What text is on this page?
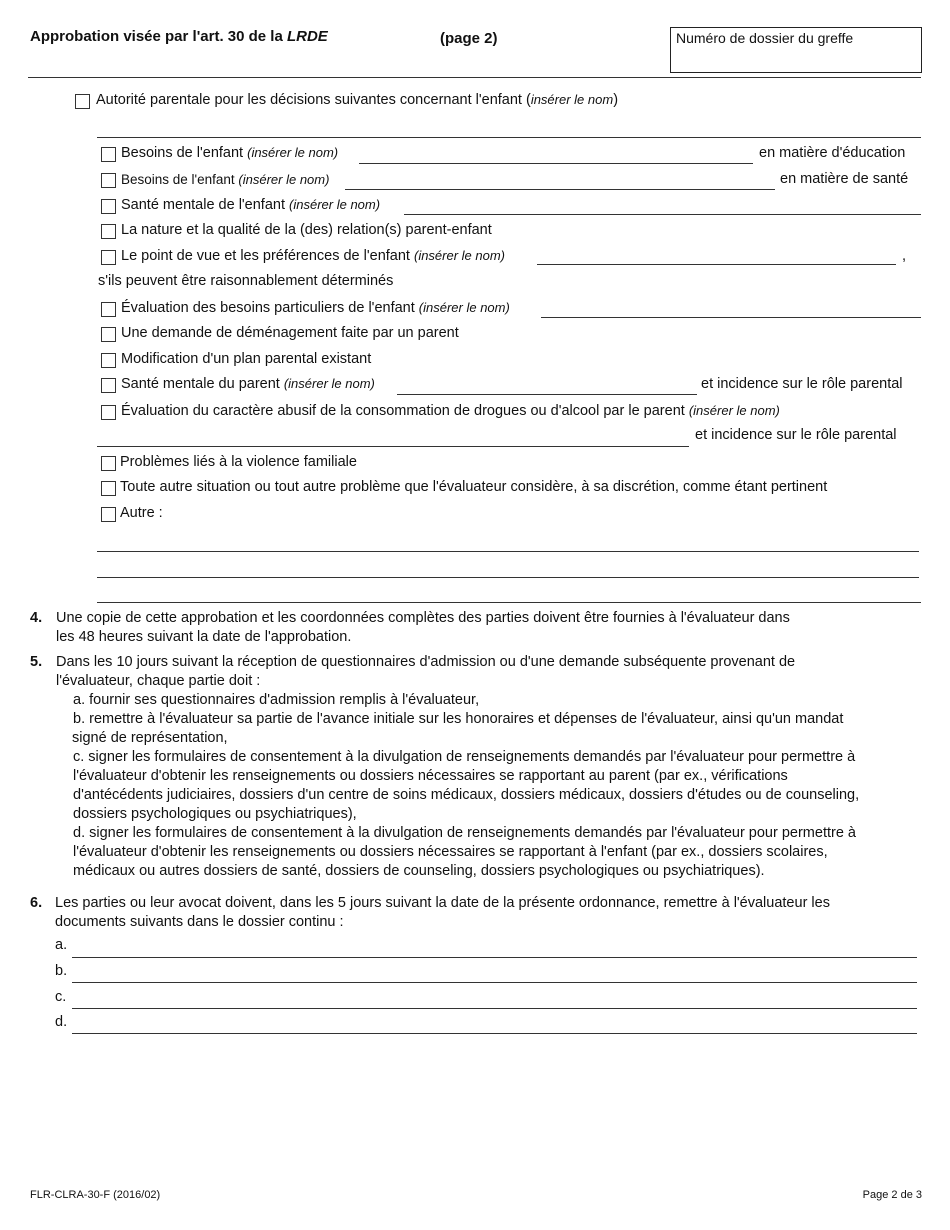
Approbation visée par l'art. 30 de la LRDE	(page 2)	Numéro de dossier du greffe
Autorité parentale pour les décisions suivantes concernant l'enfant (insérer le nom)
Besoins de l'enfant (insérer le nom)	en matière d'éducation
Besoins de l'enfant (insérer le nom)	en matière de santé
Santé mentale de l'enfant (insérer le nom)
La nature et la qualité de la (des) relation(s) parent-enfant
Le point de vue et les préférences de l'enfant (insérer le nom)	,
s'ils peuvent être raisonnablement déterminés
Évaluation des besoins particuliers de l'enfant (insérer le nom)
Une demande de déménagement faite par un parent
Modification d'un plan parental existant
Santé mentale du parent (insérer le nom)	et incidence sur le rôle parental
Évaluation du caractère abusif de la consommation de drogues ou d'alcool par le parent (insérer le nom)
et incidence sur le rôle parental
Problèmes liés à la violence familiale
Toute autre situation ou tout autre problème que l'évaluateur considère, à sa discrétion, comme étant pertinent
Autre :
4. Une copie de cette approbation et les coordonnées complètes des parties doivent être fournies à l'évaluateur dans
les 48 heures suivant la date de l'approbation.
5. Dans les 10 jours suivant la réception de questionnaires d'admission ou d'une demande subséquente provenant de
l'évaluateur, chaque partie doit :
a. fournir ses questionnaires d'admission remplis à l'évaluateur,
b. remettre à l'évaluateur sa partie de l'avance initiale sur les honoraires et dépenses de l'évaluateur, ainsi qu'un mandat
signé de représentation,
c. signer les formulaires de consentement à la divulgation de renseignements demandés par l'évaluateur pour permettre à
l'évaluateur d'obtenir les renseignements ou dossiers nécessaires se rapportant au parent (par ex., vérifications
d'antécédents judiciaires, dossiers d'un centre de soins médicaux, dossiers médicaux, dossiers d'études ou de counseling,
dossiers psychologiques ou psychiatriques),
d. signer les formulaires de consentement à la divulgation de renseignements demandés par l'évaluateur pour permettre à
l'évaluateur d'obtenir les renseignements ou dossiers nécessaires se rapportant à l'enfant (par ex., dossiers scolaires,
médicaux ou autres dossiers de santé, dossiers de counseling, dossiers psychologiques ou psychiatriques).
6. Les parties ou leur avocat doivent, dans les 5 jours suivant la date de la présente ordonnance, remettre à l'évaluateur les
documents suivants dans le dossier continu :
a.
b.
c.
d.
FLR-CLRA-30-F (2016/02)	Page 2 de 3
